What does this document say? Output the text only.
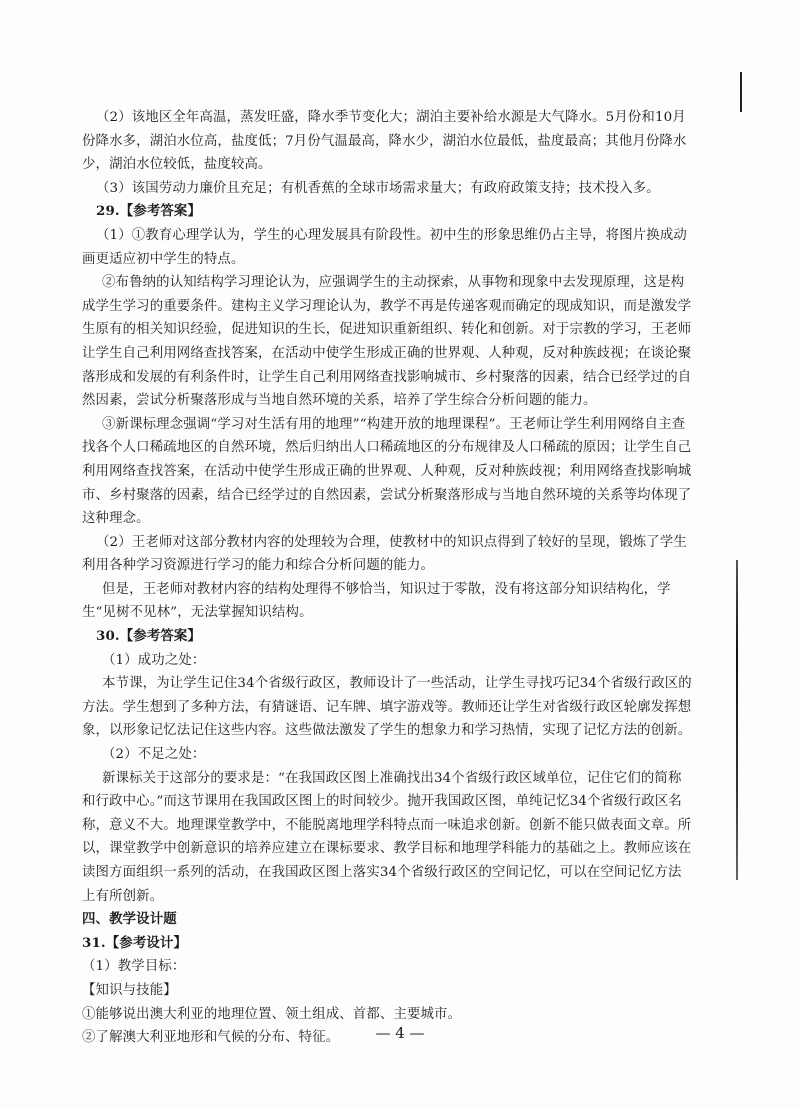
（2）该地区全年高温，蒸发旺盛，降水季节变化大；湖泊主要补给水源是大气降水。5月份和10月份降水多，湖泊水位高，盐度低；7月份气温最高，降水少，湖泊水位最低，盐度最高；其他月份降水少，湖泊水位较低，盐度较高。

（3）该国劳动力廉价且充足；有机香蕉的全球市场需求量大；有政府政策支持；技术投入多。

29.【参考答案】

（1）①教育心理学认为，学生的心理发展具有阶段性。初中生的形象思维仍占主导，将图片换成动画更适应初中学生的特点。

②布鲁纳的认知结构学习理论认为，应强调学生的主动探索，从事物和现象中去发现原理，这是构成学生学习的重要条件。建构主义学习理论认为，教学不再是传递客观而确定的现成知识，而是激发学生原有的相关知识经验，促进知识的生长，促进知识重新组织、转化和创新。对于宗教的学习，王老师让学生自己利用网络查找答案，在活动中使学生形成正确的世界观、人种观，反对种族歧视；在谈论聚落形成和发展的有利条件时，让学生自己利用网络查找影响城市、乡村聚落的因素，结合已经学过的自然因素，尝试分析聚落形成与当地自然环境的关系，培养了学生综合分析问题的能力。

③新课标理念强调“学习对生活有用的地理”“构建开放的地理课程”。王老师让学生利用网络自主查找各个人口稀疏地区的自然环境，然后归纳出人口稀疏地区的分布规律及人口稀疏的原因；让学生自己利用网络查找答案，在活动中使学生形成正确的世界观、人种观，反对种族歧视；利用网络查找影响城市、乡村聚落的因素，结合已经学过的自然因素，尝试分析聚落形成与当地自然环境的关系等均体现了这种理念。

（2）王老师对这部分教材内容的处理较为合理，使教材中的知识点得到了较好的呈现，锻炼了学生利用各种学习资源进行学习的能力和综合分析问题的能力。

但是，王老师对教材内容的结构处理得不够恰当，知识过于零散，没有将这部分知识结构化，学生“见树不见林”，无法掌握知识结构。

30.【参考答案】

（1）成功之处：

本节课，为让学生记住34个省级行政区，教师设计了一些活动，让学生寻找巧记34个省级行政区的方法。学生想到了多种方法，有猜谜语、记车牌、填字游戏等。教师还让学生对省级行政区轮廓发挥想象，以形象记忆法记住这些内容。这些做法激发了学生的想象力和学习热情，实现了记忆方法的创新。

（2）不足之处：

新课标关于这部分的要求是：“在我国政区图上准确找出34个省级行政区域单位，记住它们的简称和行政中心。”而这节课用在我国政区图上的时间较少。抛开我国政区图，单纯记忆34个省级行政区名称，意义不大。地理课堂教学中，不能脱离地理学科特点而一味追求创新。创新不能只做表面文章。所以，课堂教学中创新意识的培养应建立在课标要求、教学目标和地理学科能力的基础之上。教师应该在读图方面组织一系列的活动，在我国政区图上落实34个省级行政区的空间记忆，可以在空间记忆方法上有所创新。

四、教学设计题

31.【参考设计】

（1）教学目标：

【知识与技能】

①能够说出澳大利亚的地理位置、领土组成、首都、主要城市。

②了解澳大利亚地形和气候的分布、特征。	— 4 —
